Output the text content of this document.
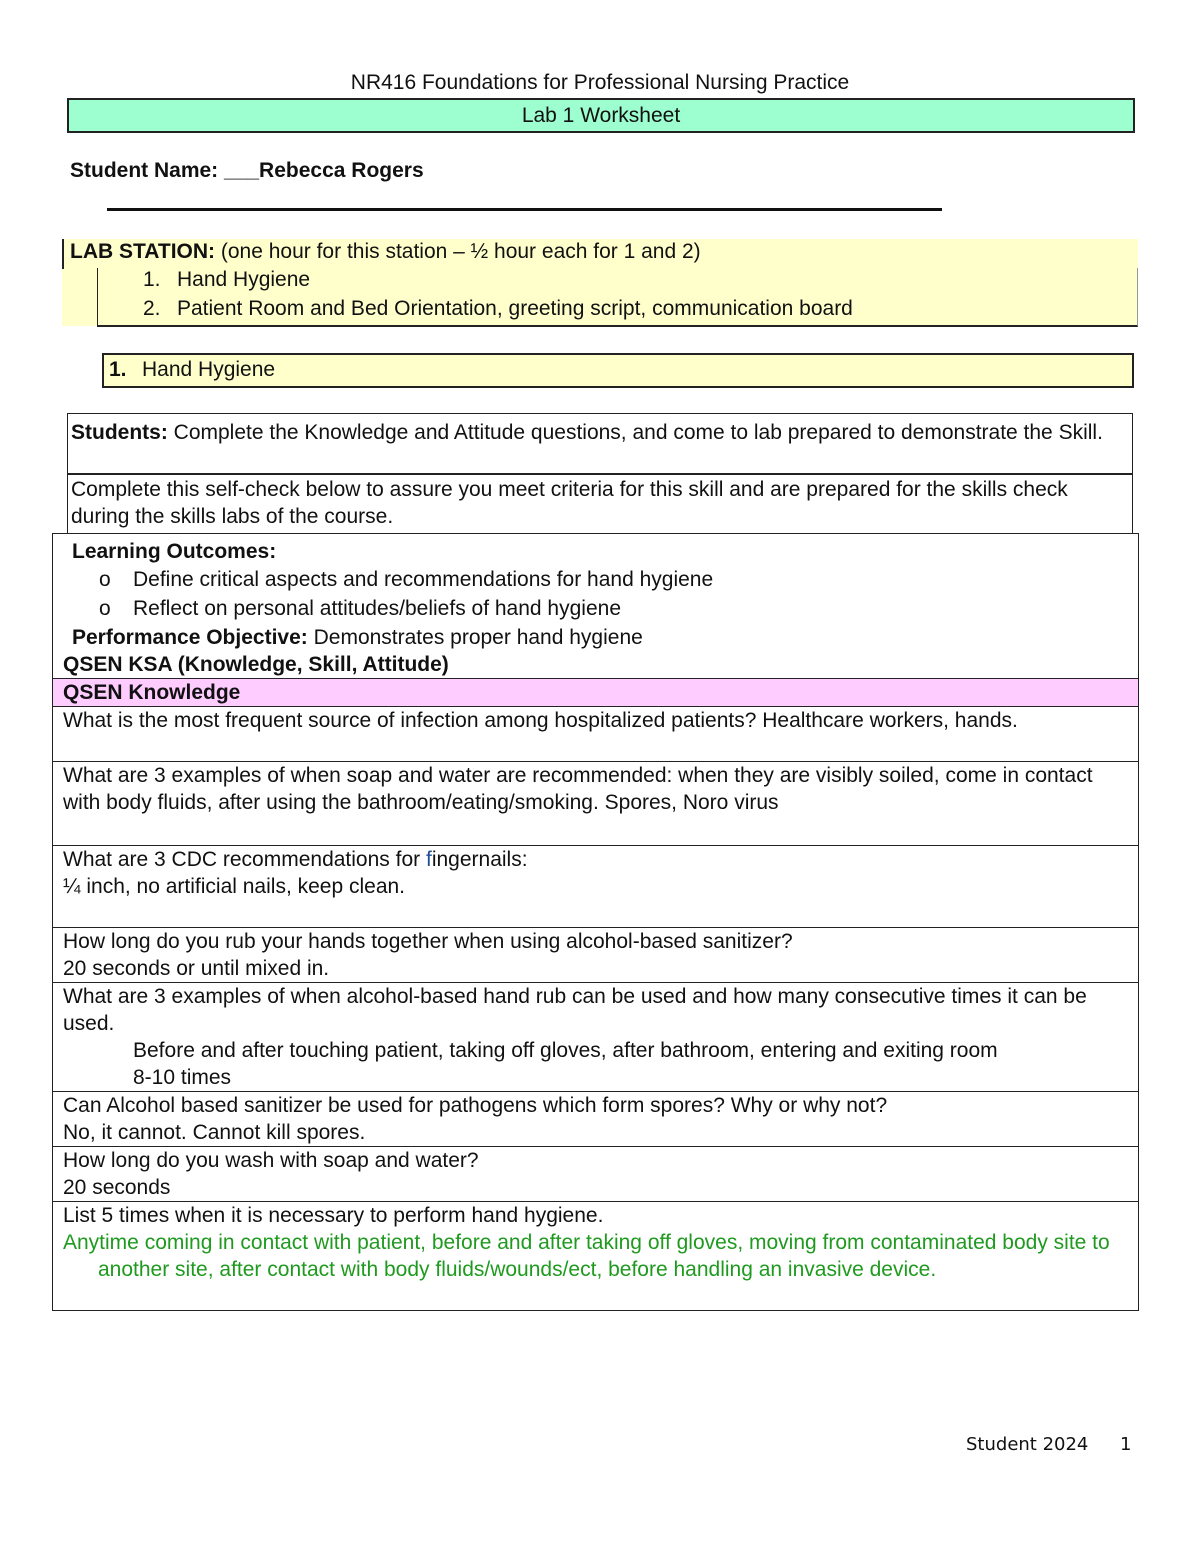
NR416 Foundations for Professional Nursing Practice
Lab 1 Worksheet
Student Name: ___Rebecca Rogers
LAB STATION: (one hour for this station – ½ hour each for 1 and 2)
1. Hand Hygiene
2. Patient Room and Bed Orientation, greeting script, communication board
1. Hand Hygiene
Students: Complete the Knowledge and Attitude questions, and come to lab prepared to demonstrate the Skill.
Complete this self-check below to assure you meet criteria for this skill and are prepared for the skills check during the skills labs of the course.
Learning Outcomes:
o Define critical aspects and recommendations for hand hygiene
o Reflect on personal attitudes/beliefs of hand hygiene
Performance Objective: Demonstrates proper hand hygiene
QSEN KSA (Knowledge, Skill, Attitude)

QSEN Knowledge

What is the most frequent source of infection among hospitalized patients? Healthcare workers, hands.

What are 3 examples of when soap and water are recommended: when they are visibly soiled, come in contact with body fluids, after using the bathroom/eating/smoking. Spores, Noro virus

What are 3 CDC recommendations for fingernails:
¼ inch, no artificial nails, keep clean.

How long do you rub your hands together when using alcohol-based sanitizer?
20 seconds or until mixed in.

What are 3 examples of when alcohol-based hand rub can be used and how many consecutive times it can be used.
Before and after touching patient, taking off gloves, after bathroom, entering and exiting room
8-10 times

Can Alcohol based sanitizer be used for pathogens which form spores? Why or why not?
No, it cannot. Cannot kill spores.

How long do you wash with soap and water?
20 seconds

List 5 times when it is necessary to perform hand hygiene.
Anytime coming in contact with patient, before and after taking off gloves, moving from contaminated body site to another site, after contact with body fluids/wounds/ect, before handling an invasive device.
Student 2024 1
